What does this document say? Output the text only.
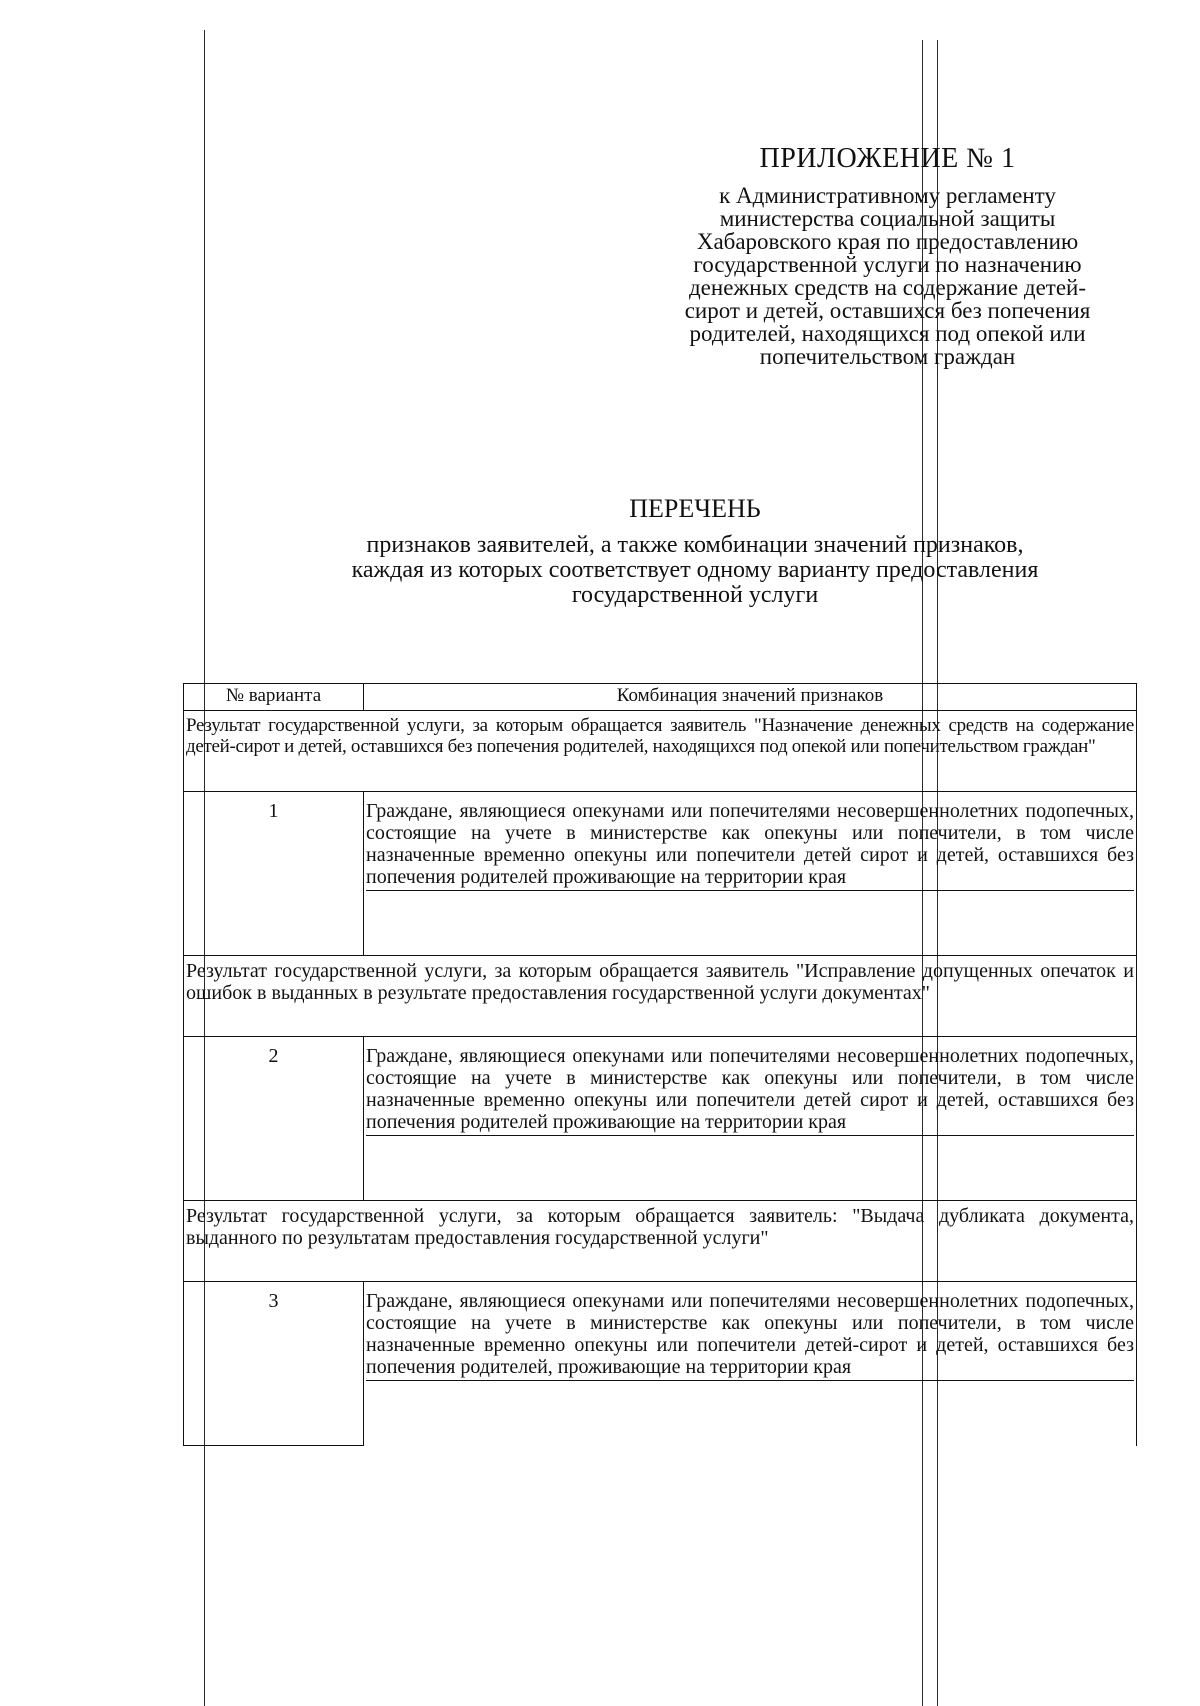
ПРИЛОЖЕНИЕ № 1
к Административному регламенту
министерства социальной защиты
Хабаровского края по предоставлению
государственной услуги по назначению
денежных средств на содержание детей-
сирот и детей, оставшихся без попечения
родителей, находящихся под опекой или
попечительством граждан
ПЕРЕЧЕНЬ
признаков заявителей, а также комбинации значений признаков,
каждая из которых соответствует одному варианту предоставления
государственной услуги
№ варианта	Комбинация значений признаков
Результат государственной услуги, за которым обращается заявитель "Назначение денежных средств на содержание детей-сирот и детей, оставшихся без попечения родителей, находящихся под опекой или попечительством граждан"	
1	Граждане, являющиеся опекунами или попечителями несовершеннолетних подопечных, состоящие на учете в министерстве как опекуны или попечители, в том числе назначенные временно опекуны или попечители детей сирот и детей, оставшихся без попечения родителей проживающие на территории края

Результат государственной услуги, за которым обращается заявитель "Исправление допущенных опечаток и ошибок в выданных в результате предоставления государственной услуги документах"	
2	Граждане, являющиеся опекунами или попечителями несовершеннолетних подопечных, состоящие на учете в министерстве как опекуны или попечители, в том числе назначенные временно опекуны или попечители детей сирот и детей, оставшихся без попечения родителей проживающие на территории края

Результат государственной услуги, за которым обращается заявитель: "Выдача дубликата документа, выданного по результатам предоставления государственной услуги"	
3	Граждане, являющиеся опекунами или попечителями несовершеннолетних подопечных, состоящие на учете в министерстве как опекуны или попечители, в том числе назначенные временно опекуны или попечители детей-сирот и детей, оставшихся без попечения родителей, проживающие на территории края
